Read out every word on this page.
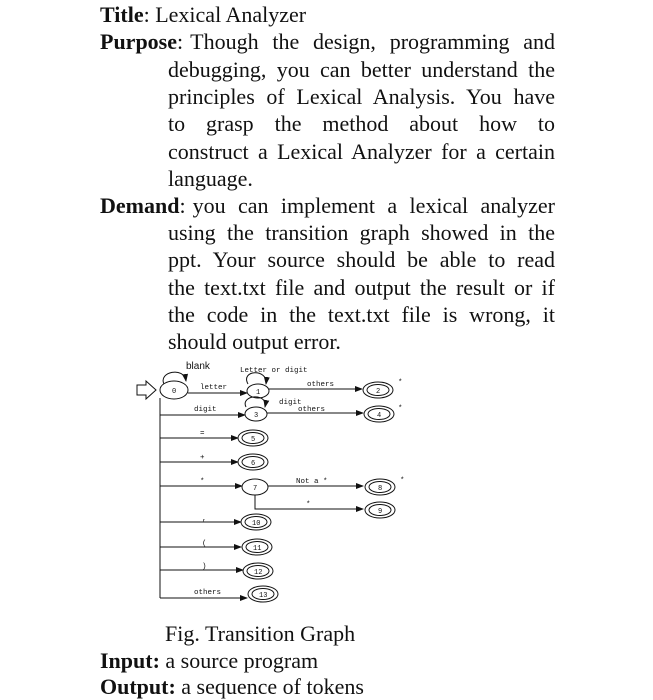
Title: Lexical Analyzer
Purpose: Though the design, programming and
debugging, you can better understand the
principles of Lexical Analysis. You have
to grasp the method about how to
construct a Lexical Analyzer for a certain
language.
Demand: you can implement a lexical analyzer
using the transition graph showed in the
ppt. Your source should be able to read
the text.txt file and output the result or if
the code in the text.txt file is wrong, it
should output error.
blank	Letter or digit
letter	others
digit
digit
others
=
+
*	Not a *
*
,
(
)
others
0	1	2
3	4
5
6
7	8
9
10
11
12
13
*
*
*
Fig. Transition Graph
Input: a source program
Output: a sequence of tokens
